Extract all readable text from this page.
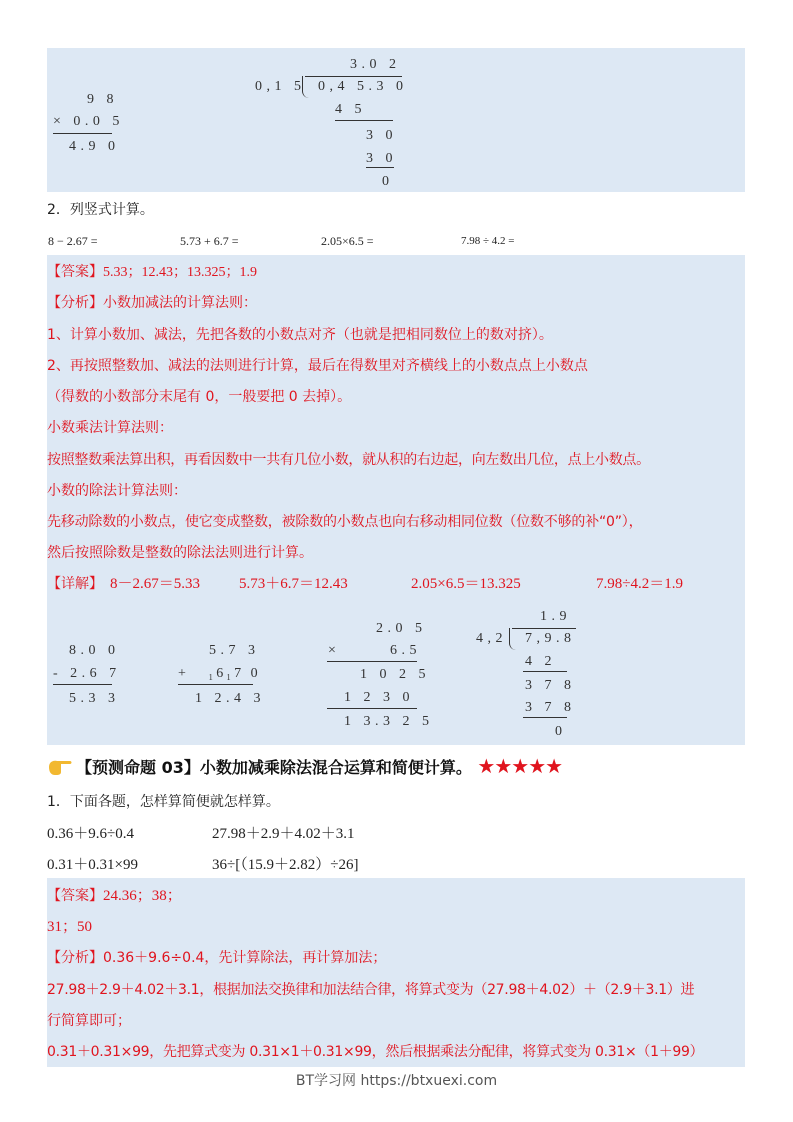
9 8
× 0.0 5
4.9 0
3.0 2
0,1 5 0,4 5.3 0
4 5
3 0
3 0
0
2．列竖式计算。
8 − 2.67 =	5.73 + 6.7 =	2.05×6.5 =	7.98 ÷ 4.2 =
【答案】5.33；12.43；13.325；1.9
【分析】小数加减法的计算法则：
1、计算小数加、减法，先把各数的小数点对齐（也就是把相同数位上的数对挤）。
2、再按照整数加、减法的法则进行计算，最后在得数里对齐横线上的小数点点上小数点
（得数的小数部分末尾有 0，一般要把 0 去掉）。
小数乘法计算法则：
按照整数乘法算出积，再看因数中一共有几位小数，就从积的右边起，向左数出几位，点上小数点。
小数的除法计算法则：
先移动除数的小数点，使它变成整数，被除数的小数点也向右移动相同位数（位数不够的补“0”），
然后按照除数是整数的除法法则进行计算。
【详解】 8－2.67＝5.33	5.73＋6.7＝12.43	2.05×6.5＝13.325	7.98÷4.2＝1.9
8.0 0
- 2.6 7
5.3 3
5.7 3
+   ₁6₁7 0
1 2.4 3
2.0 5
×	6.5
1 0 2 5
1 2 3 0
1 3.3 2 5
1.9
4,2 7,9.8
4 2
3 7 8
3 7 8
0
【预测命题 03】小数加减乘除法混合运算和简便计算。 ★★★★★
1．下面各题，怎样算简便就怎样算。
0.36＋9.6÷0.4	27.98＋2.9＋4.02＋3.1
0.31＋0.31×99	36÷[（15.9＋2.82）÷26]
【答案】24.36；38；
31；50
【分析】0.36＋9.6÷0.4，先计算除法，再计算加法；
27.98＋2.9＋4.02＋3.1，根据加法交换律和加法结合律，将算式变为（27.98＋4.02）＋（2.9＋3.1）进
行简算即可；
0.31＋0.31×99，先把算式变为 0.31×1＋0.31×99，然后根据乘法分配律，将算式变为 0.31×（1＋99）
BT学习网 https://btxuexi.com
